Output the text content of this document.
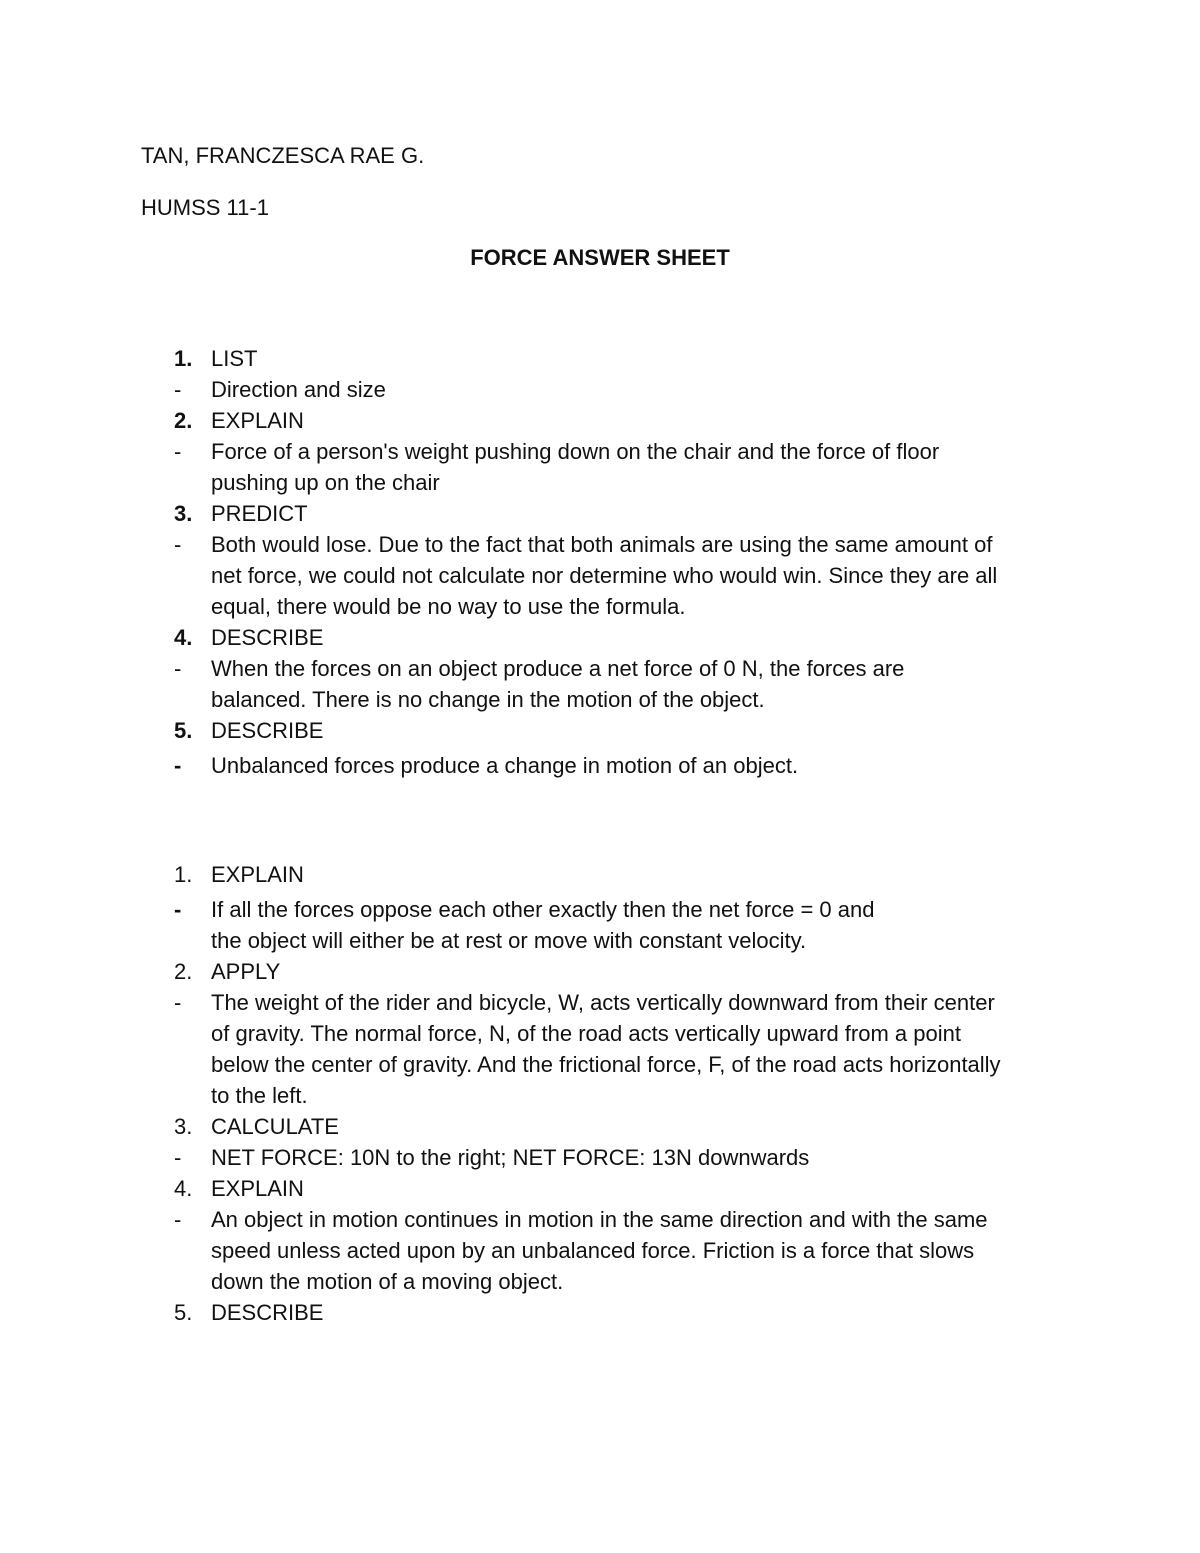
TAN, FRANCZESCA RAE G.
HUMSS 11-1
FORCE ANSWER SHEET
1. LIST
- Direction and size
2. EXPLAIN
- Force of a person's weight pushing down on the chair and the force of floor
pushing up on the chair
3. PREDICT
- Both would lose. Due to the fact that both animals are using the same amount of
net force, we could not calculate nor determine who would win. Since they are all
equal, there would be no way to use the formula.
4. DESCRIBE
- When the forces on an object produce a net force of 0 N, the forces are
balanced. There is no change in the motion of the object.
5. DESCRIBE
- Unbalanced forces produce a change in motion of an object.
1. EXPLAIN
- If all the forces oppose each other exactly then the net force = 0 and
the object will either be at rest or move with constant velocity.
2. APPLY
- The weight of the rider and bicycle, W, acts vertically downward from their center
of gravity. The normal force, N, of the road acts vertically upward from a point
below the center of gravity. And the frictional force, F, of the road acts horizontally
to the left.
3. CALCULATE
- NET FORCE: 10N to the right; NET FORCE: 13N downwards
4. EXPLAIN
- An object in motion continues in motion in the same direction and with the same
speed unless acted upon by an unbalanced force. Friction is a force that slows
down the motion of a moving object.
5. DESCRIBE
